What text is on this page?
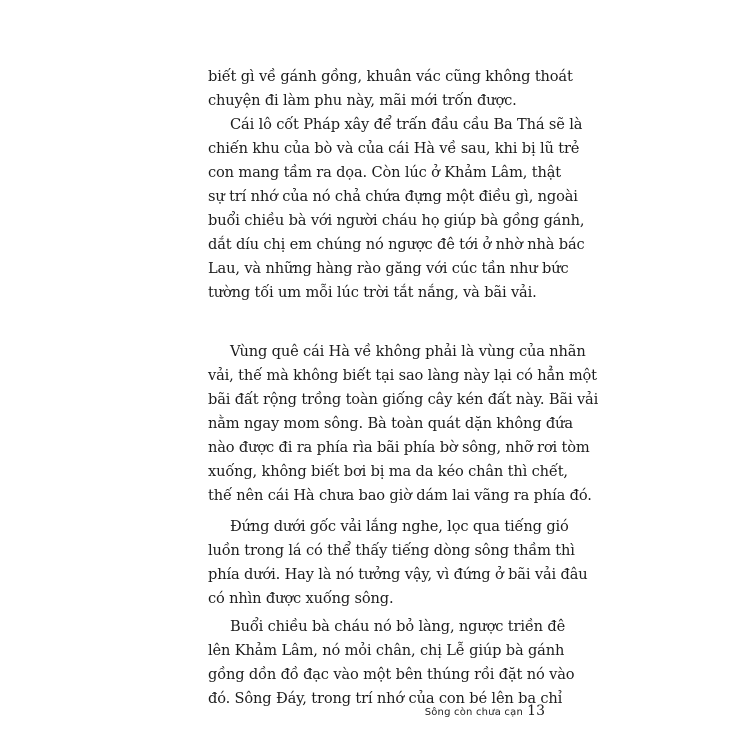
biết gì về gánh gồng, khuân vác cũng không thoát
chuyện đi làm phu này, mãi mới trốn được.
Cái lô cốt Pháp xây để trấn đầu cầu Ba Thá sẽ là
chiến khu của bò và của cái Hà về sau, khi bị lũ trẻ
con mang tầm ra dọa. Còn lúc ở Khảm Lâm, thật
sự trí nhớ của nó chả chứa đựng một điều gì, ngoài
buổi chiều bà với người cháu họ giúp bà gồng gánh,
dắt díu chị em chúng nó ngược đê tới ở nhờ nhà bác
Lau, và những hàng rào găng với cúc tần như bức
tường tối um mỗi lúc trời tắt nắng, và bãi vải.
Vùng quê cái Hà về không phải là vùng của nhãn
vải, thế mà không biết tại sao làng này lại có hẳn một
bãi đất rộng trồng toàn giống cây kén đất này. Bãi vải
nằm ngay mom sông. Bà toàn quát dặn không đứa
nào được đi ra phía rìa bãi phía bờ sông, nhỡ rơi tòm
xuống, không biết bơi bị ma da kéo chân thì chết,
thế nên cái Hà chưa bao giờ dám lai vãng ra phía đó.
Đứng dưới gốc vải lắng nghe, lọc qua tiếng gió
luồn trong lá có thể thấy tiếng dòng sông thầm thì
phía dưới. Hay là nó tưởng vậy, vì đứng ở bãi vải đâu
có nhìn được xuống sông.
Buổi chiều bà cháu nó bỏ làng, ngược triền đê
lên Khảm Lâm, nó mỏi chân, chị Lễ giúp bà gánh
gồng dồn đồ đạc vào một bên thúng rồi đặt nó vào
đó. Sông Đáy, trong trí nhớ của con bé lên ba chỉ
Sông còn chưa cạn 13
